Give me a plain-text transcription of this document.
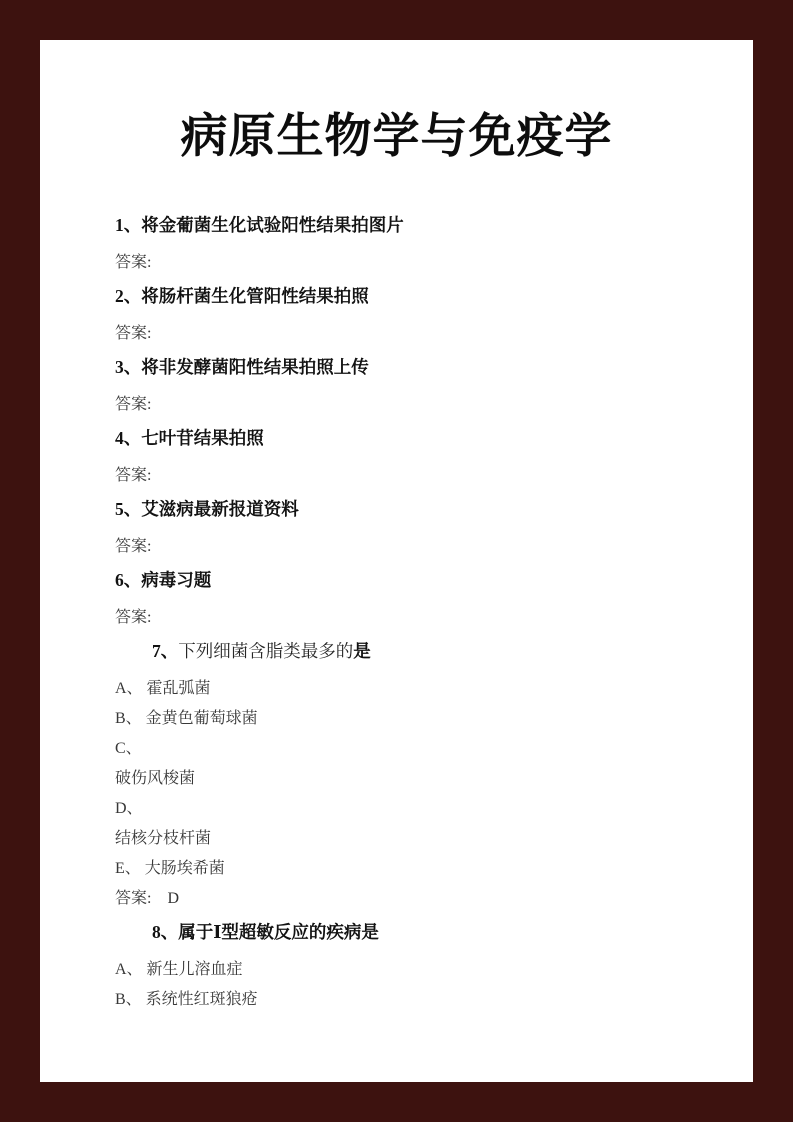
病原生物学与免疫学

1、将金葡菌生化试验阳性结果拍图片

答案:

2、将肠杆菌生化管阳性结果拍照

答案:

3、将非发酵菌阳性结果拍照上传

答案:

4、七叶苷结果拍照

答案:

5、艾滋病最新报道资料

答案:

6、病毒习题

答案:

7、下列细菌含脂类最多的是

A、 霍乱弧菌

B、 金黄色葡萄球菌

C、

破伤风梭菌

D、

结核分枝杆菌

E、 大肠埃希菌

答案: D

8、属于Ⅰ型超敏反应的疾病是

A、 新生儿溶血症

B、 系统性红斑狼疮
